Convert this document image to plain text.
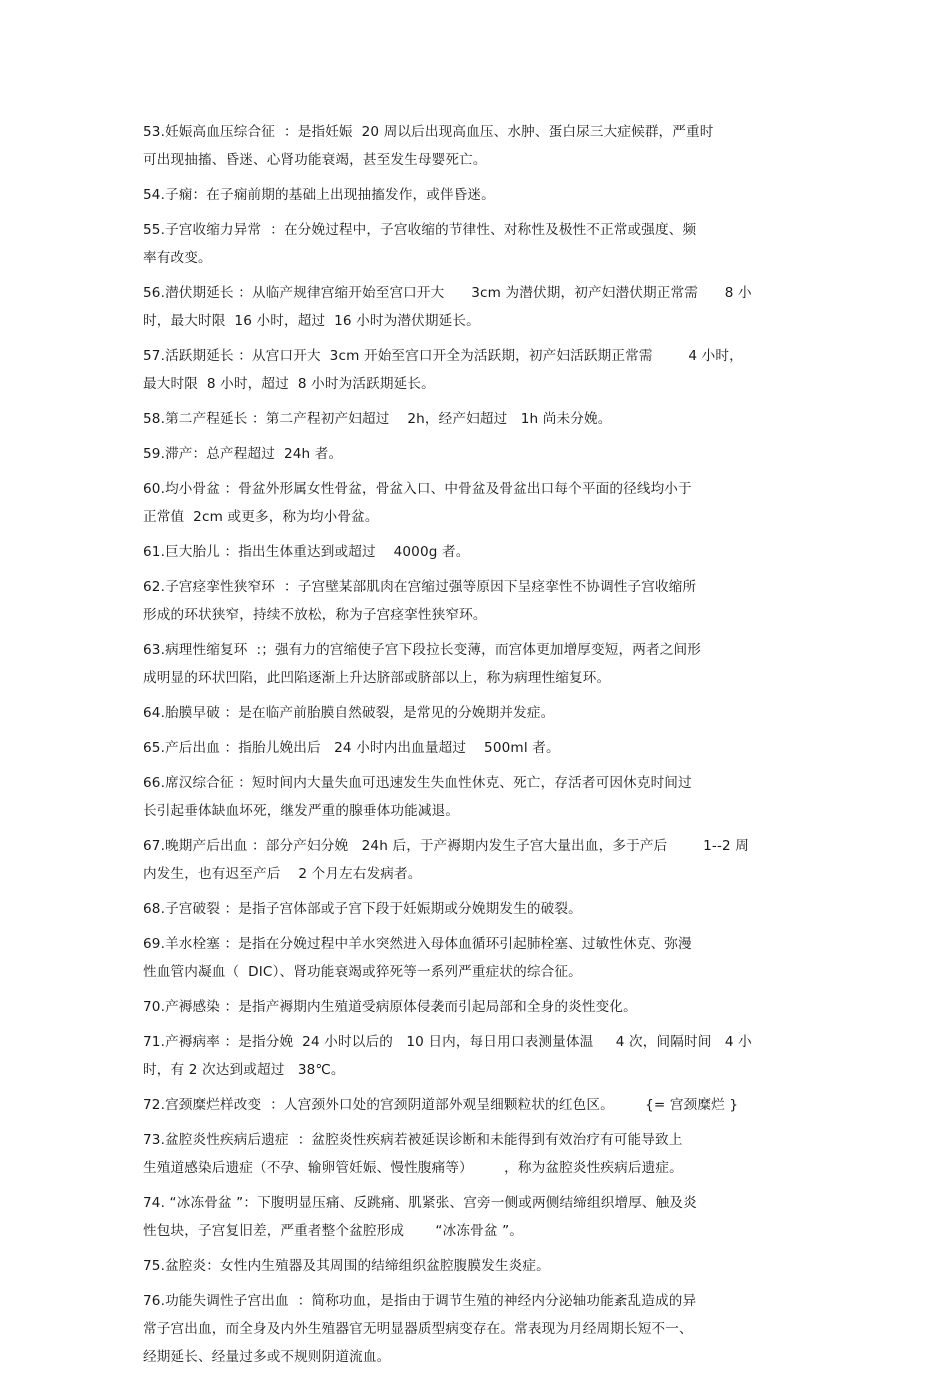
53.妊娠高血压综合征  ：是指妊娠  20 周以后出现高血压、水肿、蛋白尿三大症候群，严重时
可出现抽搐、昏迷、心肾功能衰竭，甚至发生母婴死亡。
54.子痫：在子痫前期的基础上出现抽搐发作，或伴昏迷。
55.子宫收缩力异常  ：在分娩过程中，子宫收缩的节律性、对称性及极性不正常或强度、频
率有改变。
56.潜伏期延长 ：从临产规律宫缩开始至宫口开大      3cm 为潜伏期，初产妇潜伏期正常需      8 小
时，最大时限  16 小时，超过  16 小时为潜伏期延长。
57.活跃期延长 ：从宫口开大  3cm 开始至宫口开全为活跃期，初产妇活跃期正常需        4 小时，
最大时限  8 小时，超过  8 小时为活跃期延长。
58.第二产程延长 ：第二产程初产妇超过    2h，经产妇超过   1h 尚未分娩。
59.滞产：总产程超过  24h 者。
60.均小骨盆 ：骨盆外形属女性骨盆，骨盆入口、中骨盆及骨盆出口每个平面的径线均小于
正常值  2cm 或更多，称为均小骨盆。
61.巨大胎儿 ：指出生体重达到或超过    4000g 者。
62.子宫痉挛性狭窄环  ：子宫壁某部肌肉在宫缩过强等原因下呈痉挛性不协调性子宫收缩所
形成的环状狭窄，持续不放松，称为子宫痉挛性狭窄环。
63.病理性缩复环  :；强有力的宫缩使子宫下段拉长变薄，而宫体更加增厚变短，两者之间形
成明显的环状凹陷，此凹陷逐渐上升达脐部或脐部以上，称为病理性缩复环。
64.胎膜早破 ：是在临产前胎膜自然破裂，是常见的分娩期并发症。
65.产后出血 ：指胎儿娩出后   24 小时内出血量超过    500ml 者。
66.席汉综合征 ：短时间内大量失血可迅速发生失血性休克、死亡，存活者可因休克时间过
长引起垂体缺血坏死，继发严重的腺垂体功能减退。
67.晚期产后出血 ：部分产妇分娩   24h 后，于产褥期内发生子宫大量出血，多于产后        1--2 周
内发生，也有迟至产后    2 个月左右发病者。
68.子宫破裂 ：是指子宫体部或子宫下段于妊娠期或分娩期发生的破裂。
69.羊水栓塞 ：是指在分娩过程中羊水突然进入母体血循环引起肺栓塞、过敏性休克、弥漫
性血管内凝血（  DIC）、肾功能衰竭或猝死等一系列严重症状的综合征。
70.产褥感染 ：是指产褥期内生殖道受病原体侵袭而引起局部和全身的炎性变化。
71.产褥病率 ：是指分娩  24 小时以后的   10 日内，每日用口表测量体温     4 次，间隔时间   4 小
时，有 2 次达到或超过   38℃。
72.宫颈糜烂样改变  ：人宫颈外口处的宫颈阴道部外观呈细颗粒状的红色区。       {= 宫颈糜烂 }
73.盆腔炎性疾病后遗症  ：盆腔炎性疾病若被延误诊断和未能得到有效治疗有可能导致上
生殖道感染后遗症（不孕、输卵管妊娠、慢性腹痛等）       ，称为盆腔炎性疾病后遗症。
74. “冰冻骨盆 ”：下腹明显压痛、反跳痛、肌紧张、宫旁一侧或两侧结缔组织增厚、触及炎
性包块，子宫复旧差，严重者整个盆腔形成       “冰冻骨盆 ”。
75.盆腔炎：女性内生殖器及其周围的结缔组织盆腔腹膜发生炎症。
76.功能失调性子宫出血  ：简称功血，是指由于调节生殖的神经内分泌轴功能紊乱造成的异
常子宫出血，而全身及内外生殖器官无明显器质型病变存在。常表现为月经周期长短不一、
经期延长、经量过多或不规则阴道流血。
